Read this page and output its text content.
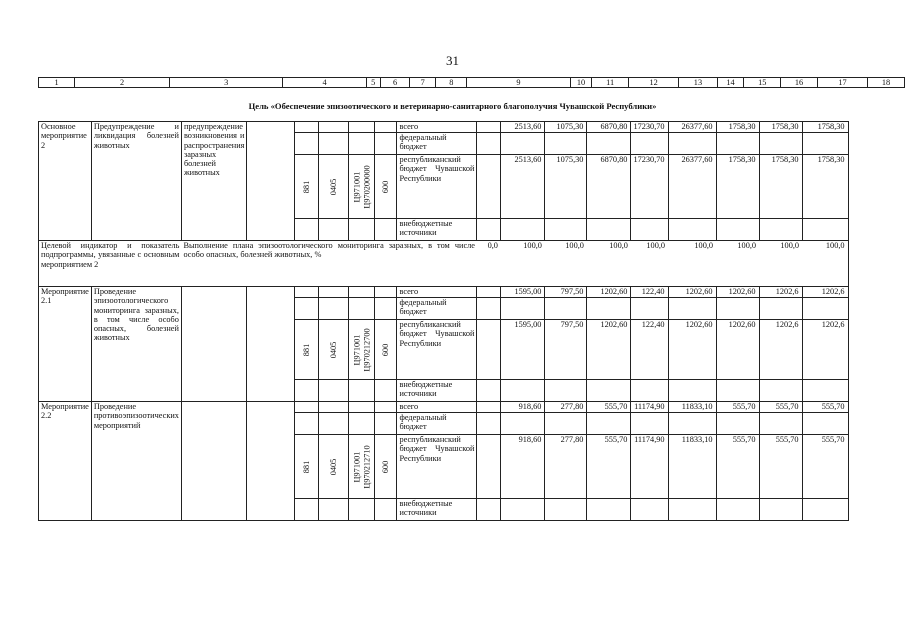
31
1	2	3	4	5	6	7	8	9	10	11	12	13	14	15	16	17	18
Цель «Обеспечение эпизоотического и ветеринарно-санитарного благополучия Чувашской Республики»
Основное мероприятие 2	Предупреждение и ликвидация болезней животных	предупреждение возникновения и распространения заразных болезней животных						всего		2513,60	1075,30	6870,80	17230,70	26377,60	1758,30	1758,30	1758,30
								федеральный бюджет									

				881	0405	Ц971001 Ц970200000	600	республиканский бюджет Чувашской Республики		2513,60	1075,30	6870,80	17230,70	26377,60	1758,30	1758,30	1758,30
								внебюджетные источники									
Целевой индикатор и показатель подпрограммы, увязанные с основным мероприятием 2		Выполнение плана эпизоотологического мониторинга заразных, в том числе особо опасных, болезней животных, %							0,0	100,0	100,0	100,0	100,0	100,0	100,0	100,0	100,0
Мероприятие 2.1	Проведение эпизоотологического мониторинга заразных, в том числе особо опасных, болезней животных							всего		1595,00	797,50	1202,60	122,40	1202,60	1202,60	1202,6	1202,6
								федеральный бюджет									

				881	0405	Ц971001 Ц970212700	600	республиканский бюджет Чувашской Республики		1595,00	797,50	1202,60	122,40	1202,60	1202,60	1202,6	1202,6
								внебюджетные источники									
Мероприятие 2.2	Проведение противоэпизоотических мероприятий							всего		918,60	277,80	555,70	11174,90	11833,10	555,70	555,70	555,70
								федеральный бюджет									

				881	0405	Ц971001 Ц970212710	600	республиканский бюджет Чувашской Республики		918,60	277,80	555,70	11174,90	11833,10	555,70	555,70	555,70
								внебюджетные источники									
